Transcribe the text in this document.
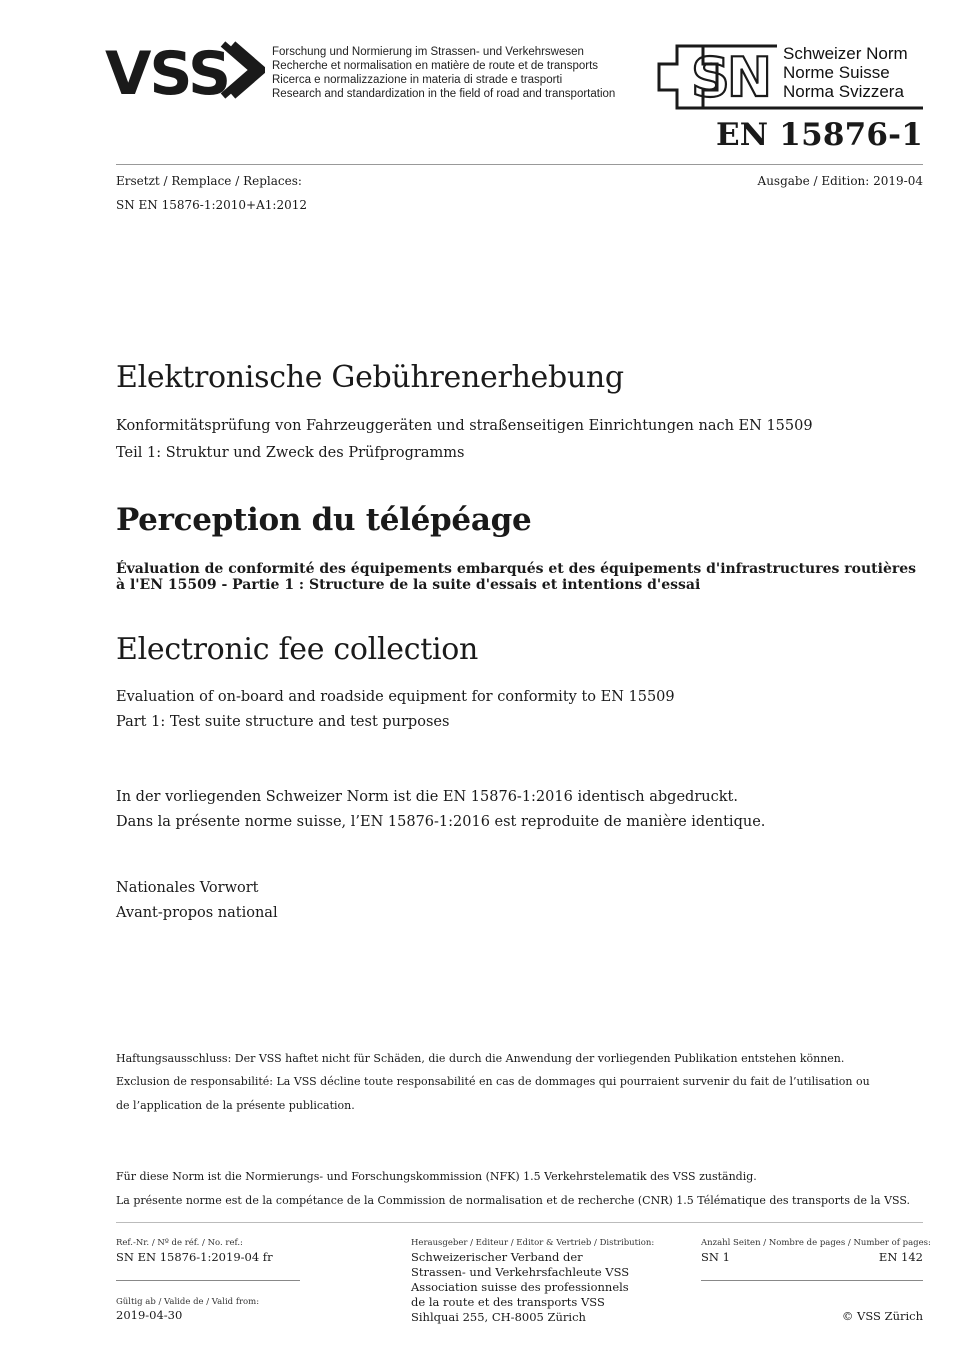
VSS	Forschung und Normierung im Strassen- und Verkehrswesen
Recherche et normalisation en matière de route et de transports
Ricerca e normalizzazione in materia di strade e trasporti
Research and standardization in the field of road and transportation SN Schweizer Norm
Norme Suisse
Norma Svizzera
EN 15876-1
Ersetzt / Remplace / Replaces:
SN EN 15876-1:2010+A1:2012
Ausgabe / Edition: 2019-04
Elektronische Gebührenerhebung
Konformitätsprüfung von Fahrzeuggeräten und straßenseitigen Einrichtungen nach EN 15509
Teil 1: Struktur und Zweck des Prüfprogramms
Perception du télépéage
Évaluation de conformité des équipements embarqués et des équipements d'infrastructures routières
à l'EN 15509 - Partie 1 : Structure de la suite d'essais et intentions d'essai
Electronic fee collection
Evaluation of on-board and roadside equipment for conformity to EN 15509
Part 1: Test suite structure and test purposes
In der vorliegenden Schweizer Norm ist die EN 15876-1:2016 identisch abgedruckt.
Dans la présente norme suisse, l’EN 15876-1:2016 est reproduite de manière identique.
Nationales Vorwort
Avant-propos national
Haftungsausschluss: Der VSS haftet nicht für Schäden, die durch die Anwendung der vorliegenden Publikation entstehen können.
Exclusion de responsabilité: La VSS décline toute responsabilité en cas de dommages qui pourraient survenir du fait de l’utilisation ou
de l’application de la présente publication.
Für diese Norm ist die Normierungs- und Forschungskommission (NFK) 1.5 Verkehrstelematik des VSS zuständig.
La présente norme est de la compétance de la Commission de normalisation et de recherche (CNR) 1.5 Télématique des transports de la VSS.
Ref.-Nr. / Nº de réf. / No. ref.:
SN EN 15876-1:2019-04 fr
Gültig ab / Valide de / Valid from:
2019-04-30
Herausgeber / Editeur / Editor & Vertrieb / Distribution:
Schweizerischer Verband der
Strassen- und Verkehrsfachleute VSS
Association suisse des professionnels
de la route et des transports VSS
Sihlquai 255, CH-8005 Zürich
Anzahl Seiten / Nombre de pages / Number of pages:
SN 1	EN 142
© VSS Zürich
